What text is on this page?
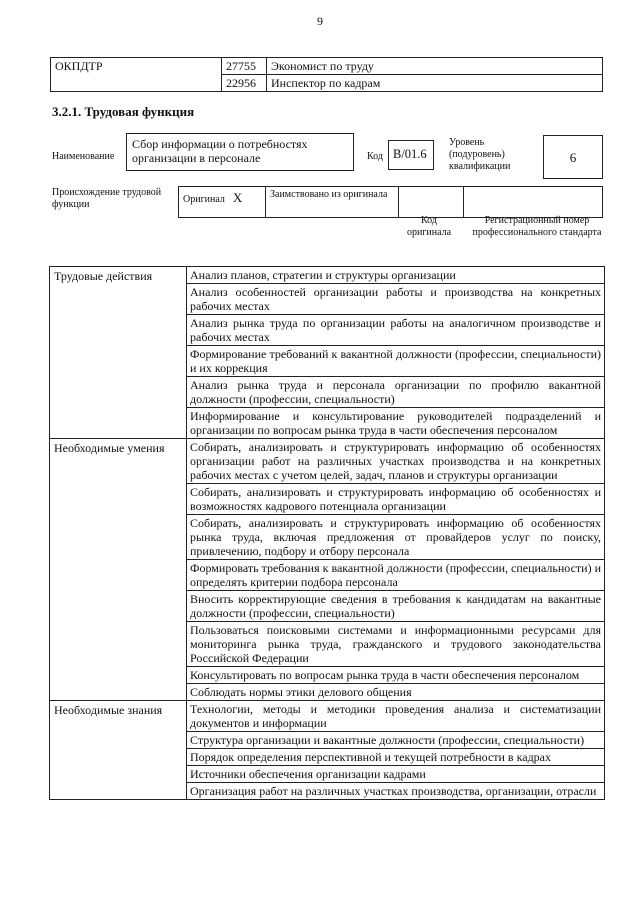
9
ОКПДТР	27755	Экономист по труду
	22956	Инспектор по кадрам
3.2.1. Трудовая функция
Наименование
Сбор информации о потребностях организации в персонале	Код В/01.6
Уровень (подуровень) квалификации
6
Происхождение трудовой функции	Оригинал X	Заимствовано из оригинала		
Код оригинала
Регистрационный номер профессионального стандарта
Трудовые действия	Анализ планов, стратегии и структуры организации
	Анализ особенностей организации работы и производства на конкретных рабочих местах
	Анализ рынка труда по организации работы на аналогичном производстве и рабочих местах
	Формирование требований к вакантной должности (профессии, специальности) и их коррекция
	Анализ рынка труда и персонала организации по профилю вакантной должности (профессии, специальности)
	Информирование и консультирование руководителей подразделений и организации по вопросам рынка труда в части обеспечения персоналом
Необходимые умения	Собирать, анализировать и структурировать информацию об особенностях организации работ на различных участках производства и на конкретных рабочих местах с учетом целей, задач, планов и структуры организации
	Собирать, анализировать и структурировать информацию об особенностях и возможностях кадрового потенциала организации
	Собирать, анализировать и структурировать информацию об особенностях рынка труда, включая предложения от провайдеров услуг по поиску, привлечению, подбору и отбору персонала
	Формировать требования к вакантной должности (профессии, специальности) и определять критерии подбора персонала
	Вносить корректирующие сведения в требования к кандидатам на вакантные должности (профессии, специальности)
	Пользоваться поисковыми системами и информационными ресурсами для мониторинга рынка труда, гражданского и трудового законодательства Российской Федерации
	Консультировать по вопросам рынка труда в части обеспечения персоналом
	Соблюдать нормы этики делового общения
Необходимые знания	Технологии, методы и методики проведения анализа и систематизации документов и информации
	Структура организации и вакантные должности (профессии, специальности)
	Порядок определения перспективной и текущей потребности в кадрах
	Источники обеспечения организации кадрами
	Организация работ на различных участках производства, организации, отрасли
